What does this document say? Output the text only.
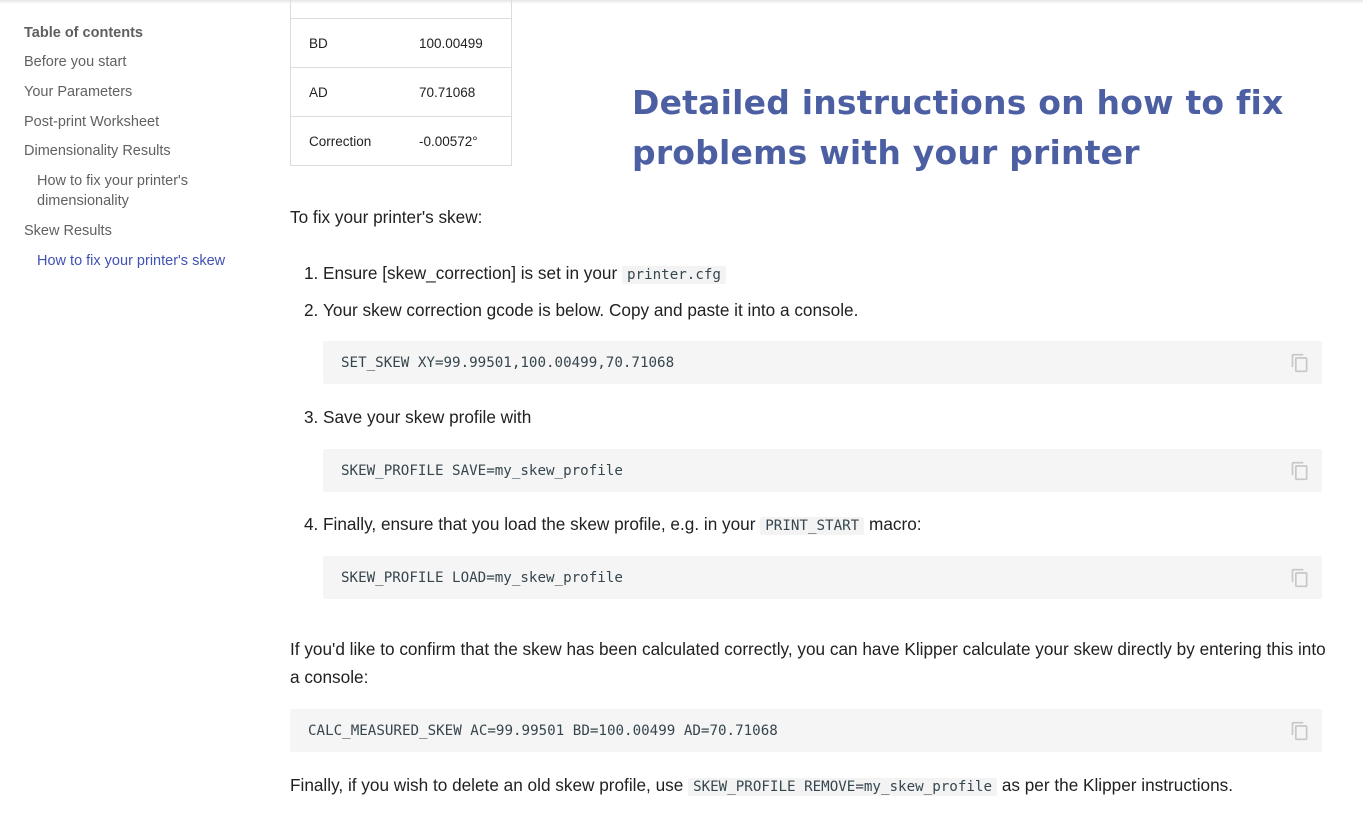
Table of contents
Before you start
Your Parameters
Post-print Worksheet
Dimensionality Results
How to fix your printer's dimensionality
Skew Results
How to fix your printer's skew

BD	100.00499
AD	70.71068
Correction	-0.00572°
Detailed instructions on how to fix problems with your printer

To fix your printer's skew:

1. Ensure [skew_correction] is set in your printer.cfg

2. Your skew correction gcode is below. Copy and paste it into a console.

SET_SKEW XY=99.99501,100.00499,70.71068

3. Save your skew profile with

SKEW_PROFILE SAVE=my_skew_profile

4. Finally, ensure that you load the skew profile, e.g. in your PRINT_START macro:

SKEW_PROFILE LOAD=my_skew_profile

If you'd like to confirm that the skew has been calculated correctly, you can have Klipper calculate your skew directly by entering this into a console:

CALC_MEASURED_SKEW AC=99.99501 BD=100.00499 AD=70.71068

Finally, if you wish to delete an old skew profile, use SKEW_PROFILE REMOVE=my_skew_profile as per the Klipper instructions.
